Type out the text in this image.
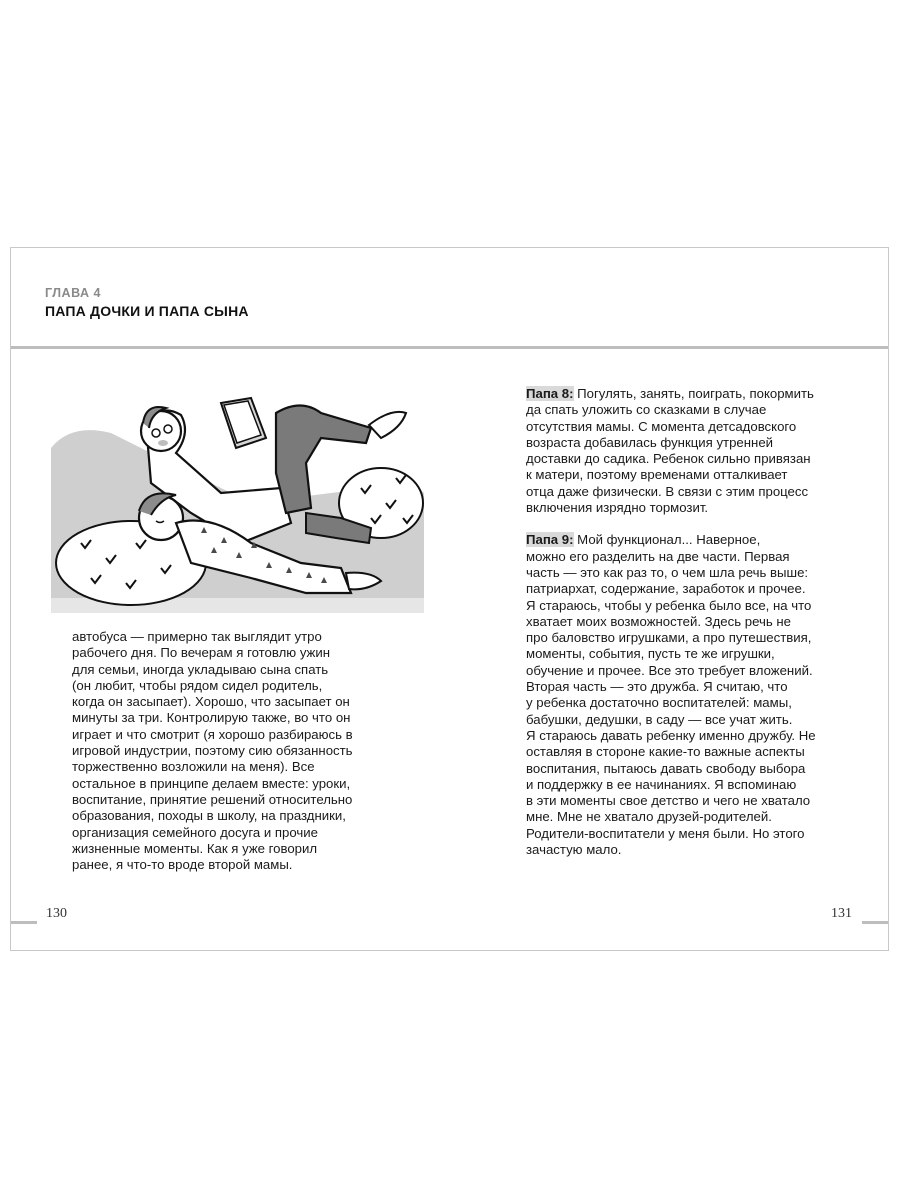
ГЛАВА 4
ПАПА ДОЧКИ И ПАПА СЫНА
автобуса — примерно так выглядит утро
рабочего дня. По вечерам я готовлю ужин
для семьи, иногда укладываю сына спать
(он любит, чтобы рядом сидел родитель,
когда он засыпает). Хорошо, что засыпает он
минуты за три. Контролирую также, во что он
играет и что смотрит (я хорошо разбираюсь в
игровой индустрии, поэтому сию обязанность
торжественно возложили на меня). Все
остальное в принципе делаем вместе: уроки,
воспитание, принятие решений относительно
образования, походы в школу, на праздники,
организация семейного досуга и прочие
жизненные моменты. Как я уже говорил
ранее, я что-то вроде второй мамы.

Папа 8: Погулять, занять, поиграть, покормить
да спать уложить со сказками в случае
отсутствия мамы. С момента детсадовского
возраста добавилась функция утренней
доставки до садика. Ребенок сильно привязан
к матери, поэтому временами отталкивает
отца даже физически. В связи с этим процесс
включения изрядно тормозит.

Папа 9: Мой функционал... Наверное,
можно его разделить на две части. Первая
часть — это как раз то, о чем шла речь выше:
патриархат, содержание, заработок и прочее.
Я стараюсь, чтобы у ребенка было все, на что
хватает моих возможностей. Здесь речь не
про баловство игрушками, а про путешествия,
моменты, события, пусть те же игрушки,
обучение и прочее. Все это требует вложений.
Вторая часть — это дружба. Я считаю, что
у ребенка достаточно воспитателей: мамы,
бабушки, дедушки, в саду — все учат жить.
Я стараюсь давать ребенку именно дружбу. Не
оставляя в стороне какие-то важные аспекты
воспитания, пытаюсь давать свободу выбора
и поддержку в ее начинаниях. Я вспоминаю
в эти моменты свое детство и чего не хватало
мне. Мне не хватало друзей-родителей.
Родители-воспитатели у меня были. Но этого
зачастую мало.

130	131
